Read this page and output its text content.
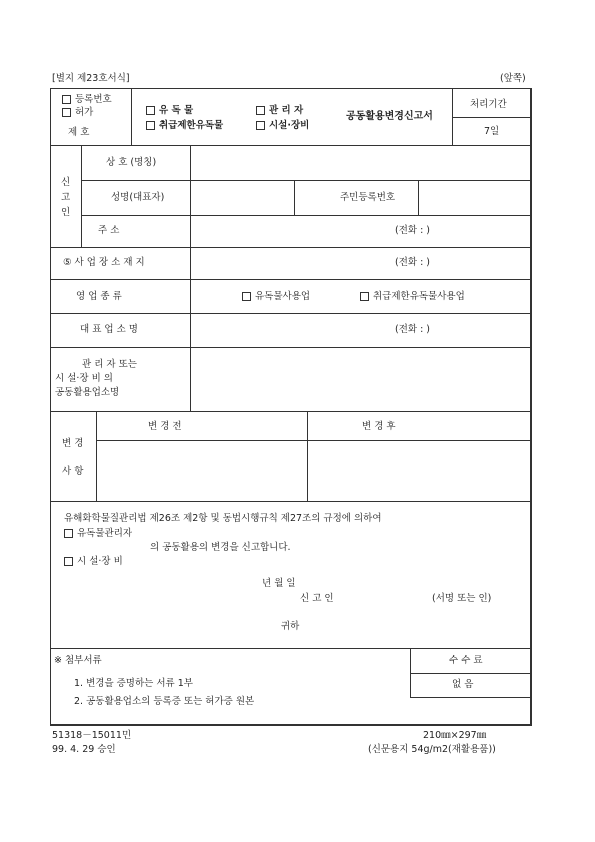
[별지 제23호서식]	(앞쪽)
등록번호
허가
제 호
유 독 물
취급제한유독물
관 리 자
시설·장비
공동활용변경신고서
처리기간
7일
신
고
인
상 호 (명칭)
성명(대표자)	주민등록번호
주 소	(전화 : )
⑤ 사 업 장 소 재 지	(전화 : )
영 업 종 류	유독물사용업	취급제한유독물사용업
대 표 업 소 명	(전화 : )
관 리 자 또는
시 설·장 비 의
공동활용업소명
변 경
사 항
변 경 전	변 경 후
유해화학물질관리법 제26조 제2항 및 동법시행규칙 제27조의 규정에 의하여
유독물관리자
의 공동활용의 변경을 신고합니다.
시 설·장 비
년 월 일
신 고 인	(서명 또는 인)
귀하
※ 첨부서류
1. 변경을 증명하는 서류 1부
2. 공동활용업소의 등록증 또는 허가증 원본
수 수 료
없 음
51318－15011민
99. 4. 29 승인
210㎜×297㎜
(신문용지 54g/m2(재활용품))
